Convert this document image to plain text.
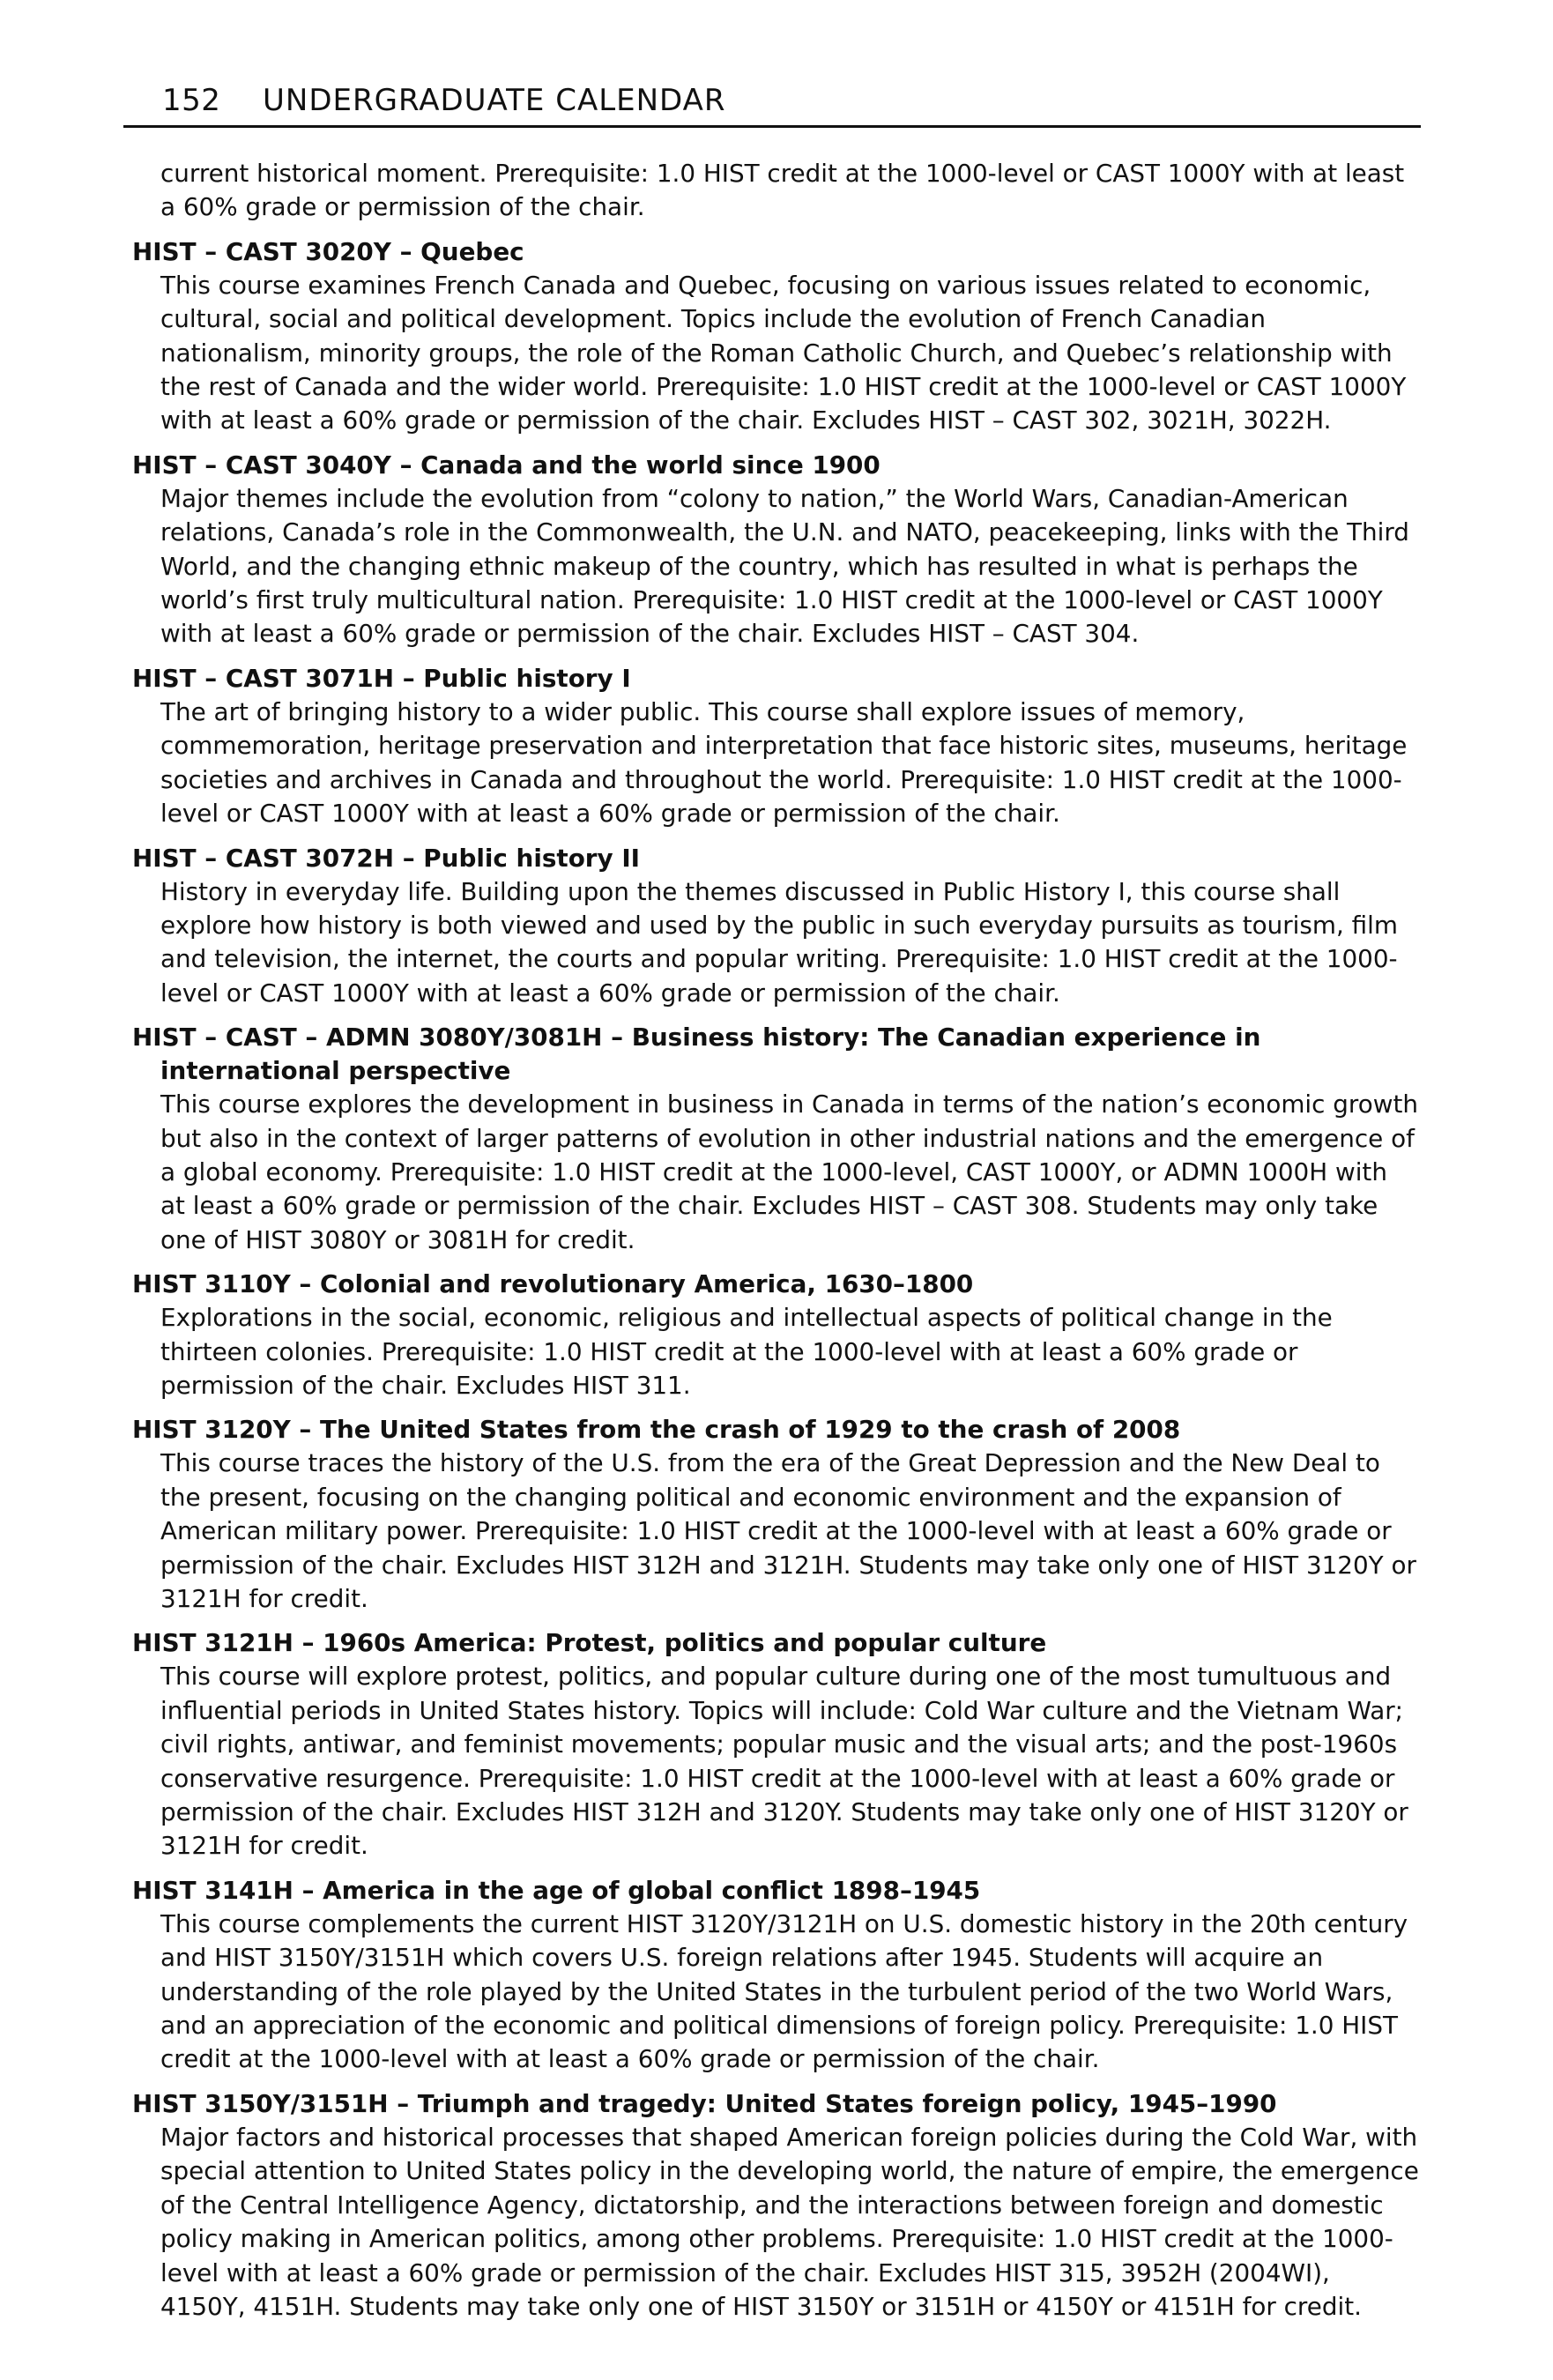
152 UNDERGRADUATE CALENDAR
current historical moment. Prerequisite: 1.0 HIST credit at the 1000-level or CAST 1000Y with at least a 60% grade or permission of the chair.
HIST – CAST 3020Y – Quebec
This course examines French Canada and Quebec, focusing on various issues related to economic, cultural, social and political development. Topics include the evolution of French Canadian nationalism, minority groups, the role of the Roman Catholic Church, and Quebec’s relationship with the rest of Canada and the wider world. Prerequisite: 1.0 HIST credit at the 1000-level or CAST 1000Y with at least a 60% grade or permission of the chair. Excludes HIST – CAST 302, 3021H, 3022H.
HIST – CAST 3040Y – Canada and the world since 1900
Major themes include the evolution from “colony to nation,” the World Wars, Canadian-American relations, Canada’s role in the Commonwealth, the U.N. and NATO, peacekeeping, links with the Third World, and the changing ethnic makeup of the country, which has resulted in what is perhaps the world’s first truly multicultural nation. Prerequisite: 1.0 HIST credit at the 1000-level or CAST 1000Y with at least a 60% grade or permission of the chair. Excludes HIST – CAST 304.
HIST – CAST 3071H – Public history I
The art of bringing history to a wider public. This course shall explore issues of memory, commemoration, heritage preservation and interpretation that face historic sites, museums, heritage societies and archives in Canada and throughout the world. Prerequisite: 1.0 HIST credit at the 1000-level or CAST 1000Y with at least a 60% grade or permission of the chair.
HIST – CAST 3072H – Public history II
History in everyday life. Building upon the themes discussed in Public History I, this course shall explore how history is both viewed and used by the public in such everyday pursuits as tourism, film and television, the internet, the courts and popular writing. Prerequisite: 1.0 HIST credit at the 1000-level or CAST 1000Y with at least a 60% grade or permission of the chair.
HIST – CAST – ADMN 3080Y/3081H – Business history: The Canadian experience in international perspective
This course explores the development in business in Canada in terms of the nation’s economic growth but also in the context of larger patterns of evolution in other industrial nations and the emergence of a global economy. Prerequisite: 1.0 HIST credit at the 1000-level, CAST 1000Y, or ADMN 1000H with at least a 60% grade or permission of the chair. Excludes HIST – CAST 308. Students may only take one of HIST 3080Y or 3081H for credit.
HIST 3110Y – Colonial and revolutionary America, 1630–1800
Explorations in the social, economic, religious and intellectual aspects of political change in the thirteen colonies. Prerequisite: 1.0 HIST credit at the 1000-level with at least a 60% grade or permission of the chair. Excludes HIST 311.
HIST 3120Y – The United States from the crash of 1929 to the crash of 2008
This course traces the history of the U.S. from the era of the Great Depression and the New Deal to the present, focusing on the changing political and economic environment and the expansion of American military power. Prerequisite: 1.0 HIST credit at the 1000-level with at least a 60% grade or permission of the chair. Excludes HIST 312H and 3121H. Students may take only one of HIST 3120Y or 3121H for credit.
HIST 3121H – 1960s America: Protest, politics and popular culture
This course will explore protest, politics, and popular culture during one of the most tumultuous and influential periods in United States history. Topics will include: Cold War culture and the Vietnam War; civil rights, antiwar, and feminist movements; popular music and the visual arts; and the post-1960s conservative resurgence. Prerequisite: 1.0 HIST credit at the 1000-level with at least a 60% grade or permission of the chair. Excludes HIST 312H and 3120Y. Students may take only one of HIST 3120Y or 3121H for credit.
HIST 3141H – America in the age of global conflict 1898–1945
This course complements the current HIST 3120Y/3121H on U.S. domestic history in the 20th century and HIST 3150Y/3151H which covers U.S. foreign relations after 1945. Students will acquire an understanding of the role played by the United States in the turbulent period of the two World Wars, and an appreciation of the economic and political dimensions of foreign policy. Prerequisite: 1.0 HIST credit at the 1000-level with at least a 60% grade or permission of the chair.
HIST 3150Y/3151H – Triumph and tragedy: United States foreign policy, 1945–1990
Major factors and historical processes that shaped American foreign policies during the Cold War, with special attention to United States policy in the developing world, the nature of empire, the emergence of the Central Intelligence Agency, dictatorship, and the interactions between foreign and domestic policy making in American politics, among other problems. Prerequisite: 1.0 HIST credit at the 1000-level with at least a 60% grade or permission of the chair. Excludes HIST 315, 3952H (2004WI), 4150Y, 4151H. Students may take only one of HIST 3150Y or 3151H or 4150Y or 4151H for credit.
